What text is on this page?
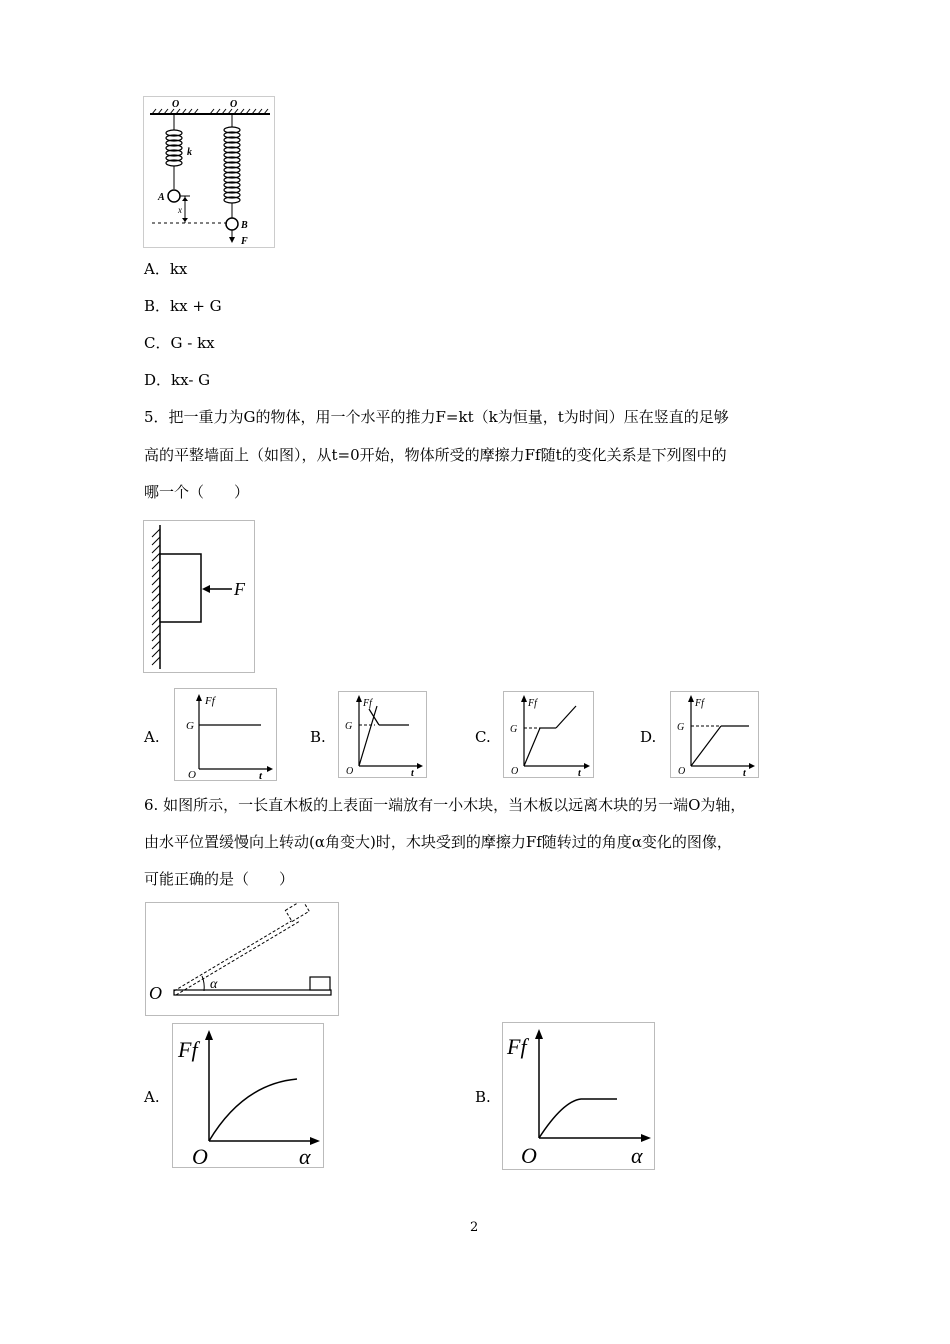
O	O
k
A
x
B
F
A．kx
B．kx + G
C．G - kx
D．kx- G
5．把一重力为G的物体，用一个水平的推力F=kt（k为恒量，t为时间）压在竖直的足够
高的平整墙面上（如图），从t=0开始，物体所受的摩擦力Ff随t的变化关系是下列图中的
哪一个（　　）
F
A.
Ff
G
O	t
B.
Ff
G
O	t
C.
Ff
G
O	t
D.
Ff
G
O	t
6. 如图所示，一长直木板的上表面一端放有一小木块，当木板以远离木块的另一端O为轴，
由水平位置缓慢向上转动(α角变大)时，木块受到的摩擦力Ff随转过的角度α变化的图像，
可能正确的是（　　）
α
O
A.
Ff
O	α
B.
Ff
O	α
2
